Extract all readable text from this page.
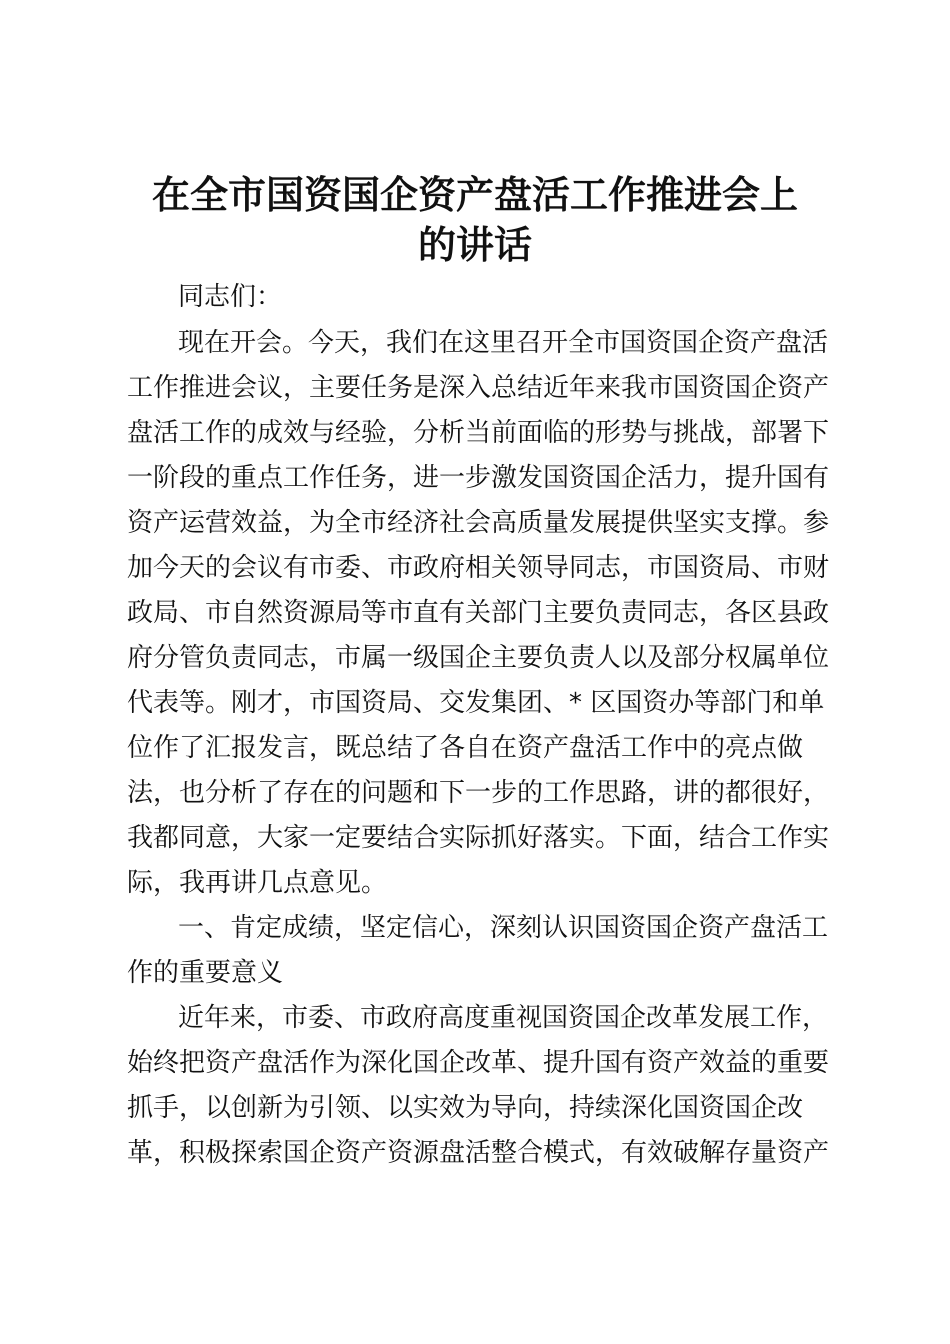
在全市国资国企资产盘活工作推进会上
的讲话

同志们：

现在开会。今天，我们在这里召开全市国资国企资产盘活

工作推进会议，主要任务是深入总结近年来我市国资国企资产

盘活工作的成效与经验，分析当前面临的形势与挑战，部署下

一阶段的重点工作任务，进一步激发国资国企活力，提升国有

资产运营效益，为全市经济社会高质量发展提供坚实支撑。参

加今天的会议有市委、市政府相关领导同志，市国资局、市财

政局、市自然资源局等市直有关部门主要负责同志，各区县政

府分管负责同志，市属一级国企主要负责人以及部分权属单位

代表等。刚才，市国资局、交发集团、* 区国资办等部门和单

位作了汇报发言，既总结了各自在资产盘活工作中的亮点做

法，也分析了存在的问题和下一步的工作思路，讲的都很好，

我都同意，大家一定要结合实际抓好落实。下面，结合工作实

际，我再讲几点意见。

一、肯定成绩，坚定信心，深刻认识国资国企资产盘活工

作的重要意义

近年来，市委、市政府高度重视国资国企改革发展工作，

始终把资产盘活作为深化国企改革、提升国有资产效益的重要

抓手，以创新为引领、以实效为导向，持续深化国资国企改

革，积极探索国企资产资源盘活整合模式，有效破解存量资产
